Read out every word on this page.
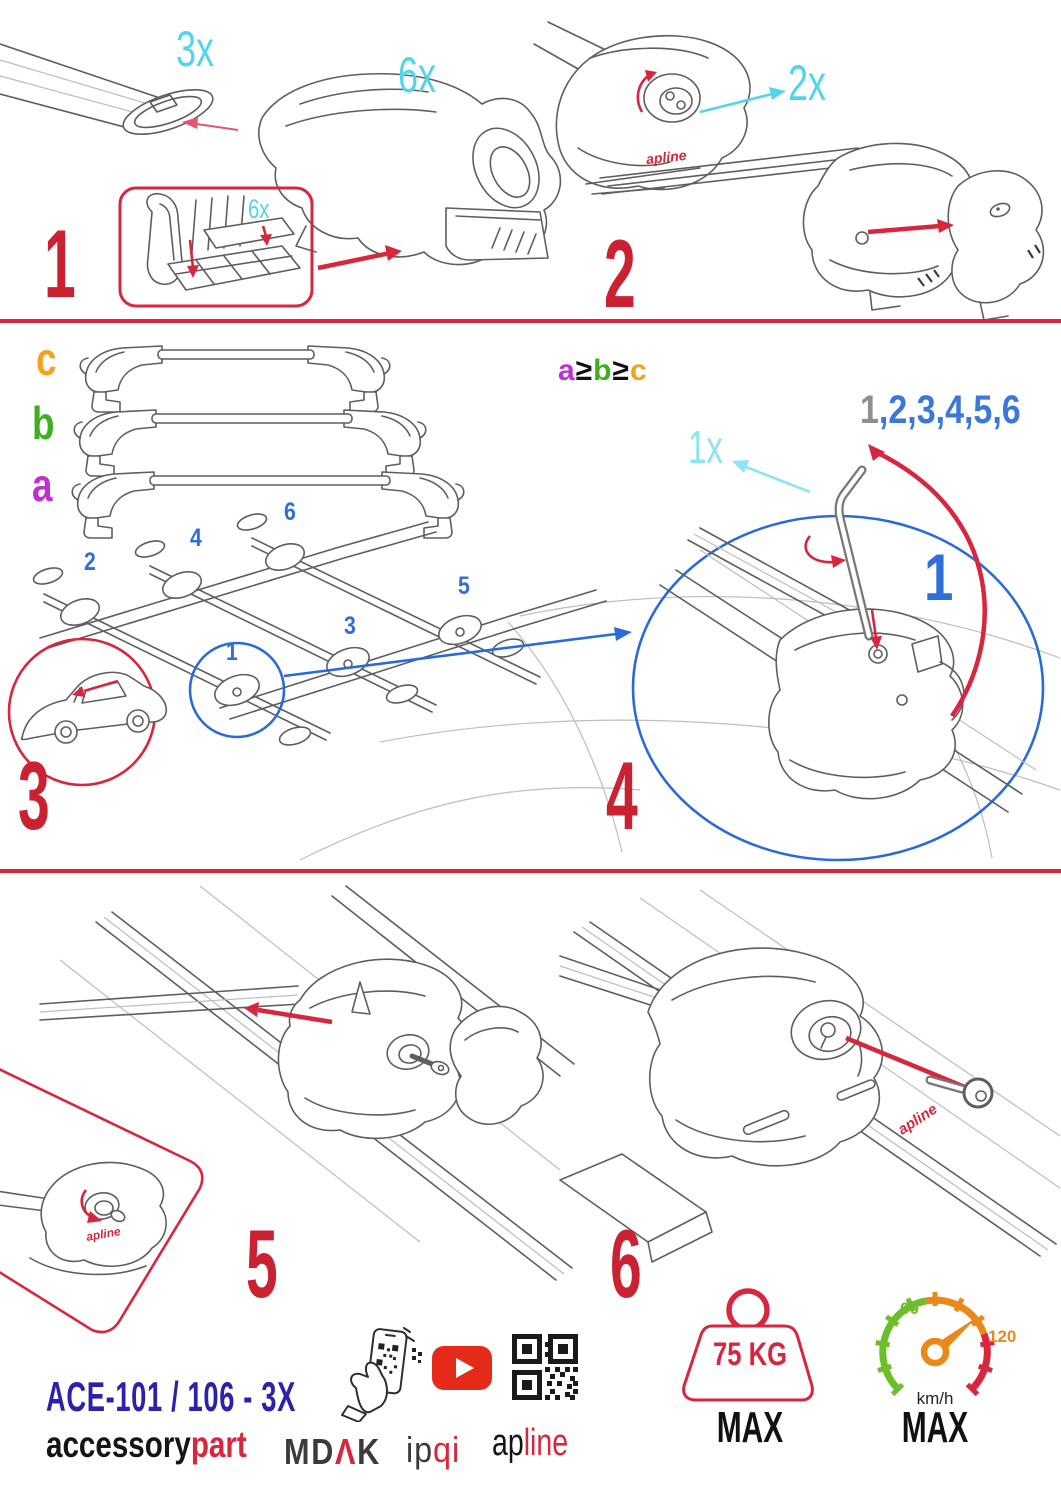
3x	6x
6x
1
2x
2
c
b
a
a≥b≥c
1,2,3,4,5,6
1
2
3
4
5
6
3
1x
1
4
5	6
apline
apline
apline
ACE-101 / 106 - 3X
accessorypart MDΛK ipqi apline
75 KG
MAX
60
120
km/h
MAX
